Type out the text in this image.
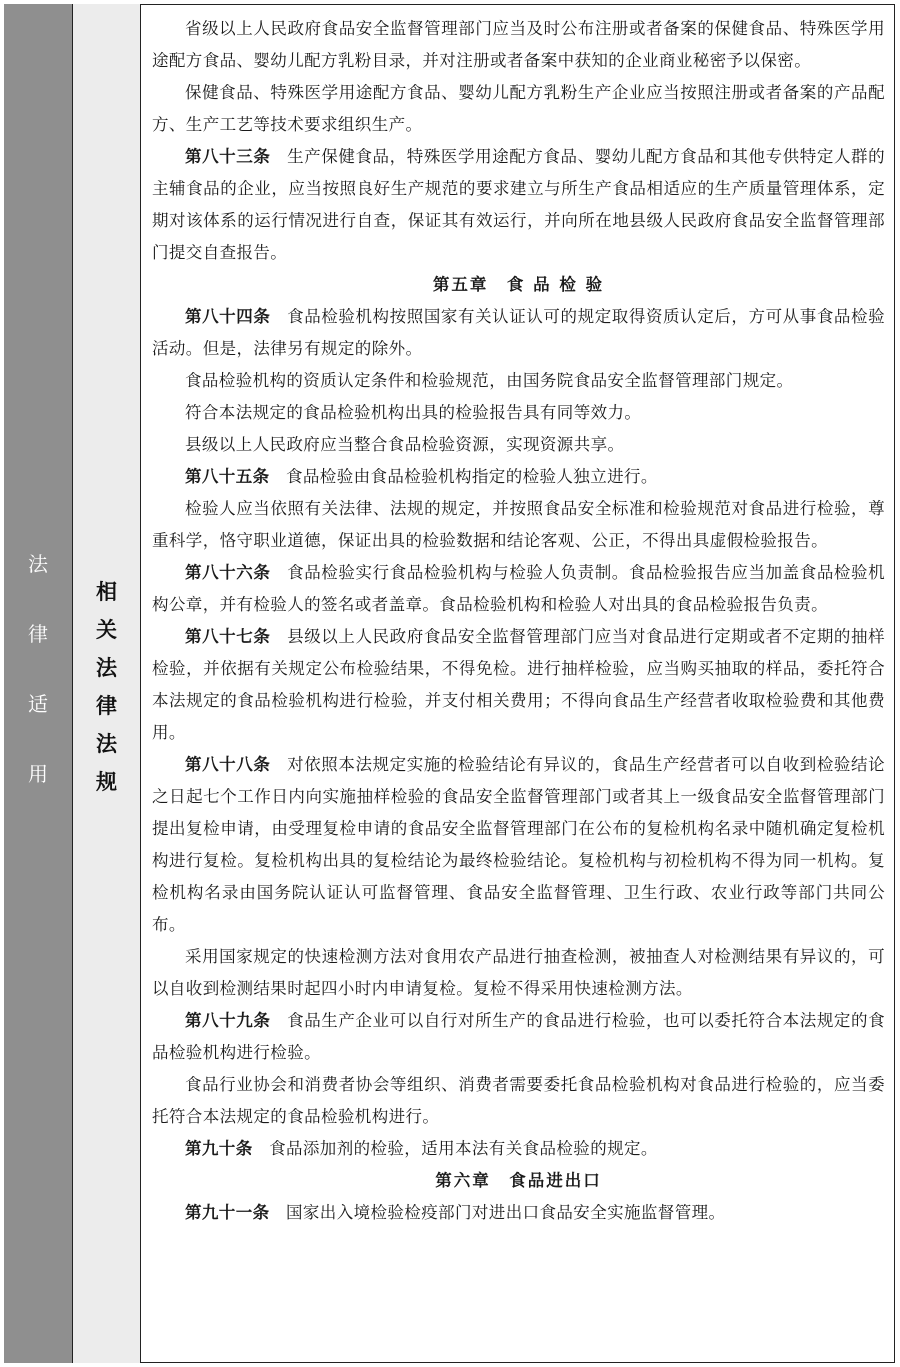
法
律
适
用
相
关
法
律
法
规

省级以上人民政府食品安全监督管理部门应当及时公布注册或者备案的保健食品、特殊医学用途配方食品、婴幼儿配方乳粉目录，并对注册或者备案中获知的企业商业秘密予以保密。

保健食品、特殊医学用途配方食品、婴幼儿配方乳粉生产企业应当按照注册或者备案的产品配方、生产工艺等技术要求组织生产。

第八十三条 生产保健食品，特殊医学用途配方食品、婴幼儿配方食品和其他专供特定人群的主辅食品的企业，应当按照良好生产规范的要求建立与所生产食品相适应的生产质量管理体系，定期对该体系的运行情况进行自查，保证其有效运行，并向所在地县级人民政府食品安全监督管理部门提交自查报告。

第五章　食 品 检 验

第八十四条 食品检验机构按照国家有关认证认可的规定取得资质认定后，方可从事食品检验活动。但是，法律另有规定的除外。

食品检验机构的资质认定条件和检验规范，由国务院食品安全监督管理部门规定。

符合本法规定的食品检验机构出具的检验报告具有同等效力。

县级以上人民政府应当整合食品检验资源，实现资源共享。

第八十五条 食品检验由食品检验机构指定的检验人独立进行。

检验人应当依照有关法律、法规的规定，并按照食品安全标准和检验规范对食品进行检验，尊重科学，恪守职业道德，保证出具的检验数据和结论客观、公正，不得出具虚假检验报告。

第八十六条 食品检验实行食品检验机构与检验人负责制。食品检验报告应当加盖食品检验机构公章，并有检验人的签名或者盖章。食品检验机构和检验人对出具的食品检验报告负责。

第八十七条 县级以上人民政府食品安全监督管理部门应当对食品进行定期或者不定期的抽样检验，并依据有关规定公布检验结果，不得免检。进行抽样检验，应当购买抽取的样品，委托符合本法规定的食品检验机构进行检验，并支付相关费用；不得向食品生产经营者收取检验费和其他费用。

第八十八条 对依照本法规定实施的检验结论有异议的，食品生产经营者可以自收到检验结论之日起七个工作日内向实施抽样检验的食品安全监督管理部门或者其上一级食品安全监督管理部门提出复检申请，由受理复检申请的食品安全监督管理部门在公布的复检机构名录中随机确定复检机构进行复检。复检机构出具的复检结论为最终检验结论。复检机构与初检机构不得为同一机构。复检机构名录由国务院认证认可监督管理、食品安全监督管理、卫生行政、农业行政等部门共同公布。

采用国家规定的快速检测方法对食用农产品进行抽查检测，被抽查人对检测结果有异议的，可以自收到检测结果时起四小时内申请复检。复检不得采用快速检测方法。

第八十九条 食品生产企业可以自行对所生产的食品进行检验，也可以委托符合本法规定的食品检验机构进行检验。

食品行业协会和消费者协会等组织、消费者需要委托食品检验机构对食品进行检验的，应当委托符合本法规定的食品检验机构进行。

第九十条 食品添加剂的检验，适用本法有关食品检验的规定。

第六章　食品进出口

第九十一条 国家出入境检验检疫部门对进出口食品安全实施监督管理。
